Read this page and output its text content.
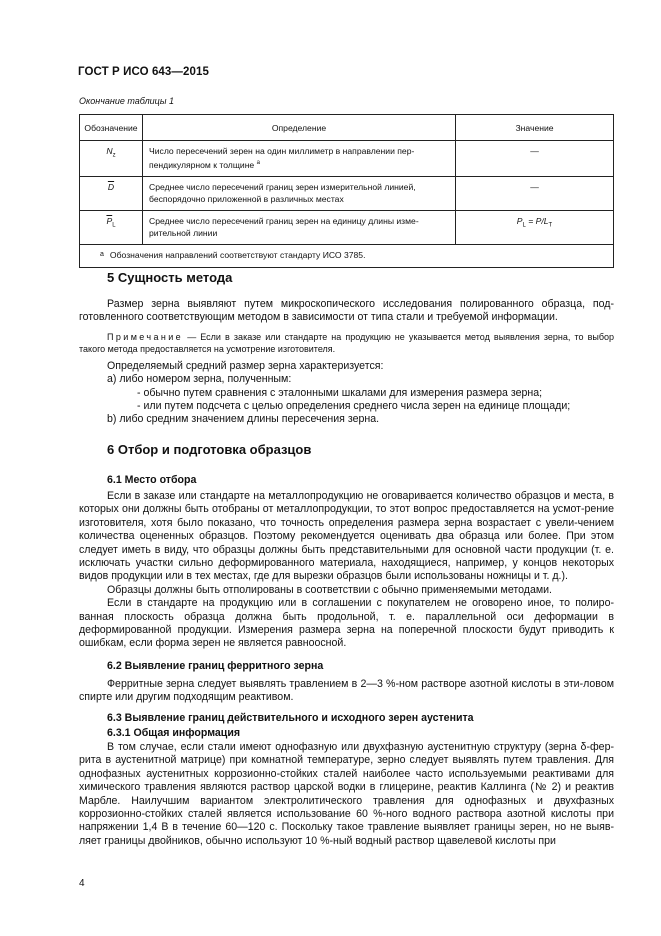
ГОСТ Р ИСО 643—2015
Окончание таблицы 1
Обозначение	Определение	Значение
$N_z$	Число пересечений зерен на один миллиметр в направлении пер-
пендикулярном к толщине $^a$	—
$\overline{D}$	Среднее число пересечений границ зерен измерительной линией,
беспорядочно приложенной в различных местах	—
$\overline{P}_L$	Среднее число пересечений границ зерен на единицу длины изме-
рительной линии	$P_L = P/L_T$
$^a$ Обозначения направлений соответствуют стандарту ИСО 3785.		
5 Сущность метода

Размер зерна выявляют путем микроскопического исследования полированного образца, под-готовленного соответствующим методом в зависимости от типа стали и требуемой информации.

Примечание — Если в заказе или стандарте на продукцию не указывается метод выявления зерна, то выбор такого метода предоставляется на усмотрение изготовителя.

Определяемый средний размер зерна характеризуется:

а) либо номером зерна, полученным:

- обычно путем сравнения с эталонными шкалами для измерения размера зерна;

- или путем подсчета с целью определения среднего числа зерен на единице площади;

b) либо средним значением длины пересечения зерна.

6 Отбор и подготовка образцов
6.1 Место отбора

Если в заказе или стандарте на металлопродукцию не оговаривается количество образцов и места, в которых они должны быть отобраны от металлопродукции, то этот вопрос предоставляется на усмот-рение изготовителя, хотя было показано, что точность определения размера зерна возрастает с увели-чением количества оцененных образцов. Поэтому рекомендуется оценивать два образца или более. При этом следует иметь в виду, что образцы должны быть представительными для основной части продукции (т. е. исключать участки сильно деформированного материала, находящиеся, например, у концов некоторых видов продукции или в тех местах, где для вырезки образцов были использованы ножницы и т. д.).

Образцы должны быть отполированы в соответствии с обычно применяемыми методами.

Если в стандарте на продукцию или в соглашении с покупателем не оговорено иное, то полиро-ванная плоскость образца должна быть продольной, т. е. параллельной оси деформации в деформированной продукции. Измерения размера зерна на поперечной плоскости будут приводить к ошибкам, если форма зерен не является равноосной.

6.2 Выявление границ ферритного зерна

Ферритные зерна следует выявлять травлением в 2—3 %-ном растворе азотной кислоты в эти-ловом спирте или другим подходящим реактивом.

6.3 Выявление границ действительного и исходного зерен аустенита
6.3.1 Общая информация

В том случае, если стали имеют однофазную или двухфазную аустенитную структуру (зерна δ-фер-рита в аустенитной матрице) при комнатной температуре, зерно следует выявлять путем травления. Для однофазных аустенитных коррозионно-стойких сталей наиболее часто используемыми реактивами для химического травления являются раствор царской водки в глицерине, реактив Каллинга (№ 2) и реактив Марбле. Наилучшим вариантом электролитического травления для однофазных и двухфазных коррозионно-стойких сталей является использование 60 %-ного водного раствора азотной кислоты при напряжении 1,4 В в течение 60—120 с. Поскольку такое травление выявляет границы зерен, но не выяв-ляет границы двойников, обычно используют 10 %-ный водный раствор щавелевой кислоты при

4
